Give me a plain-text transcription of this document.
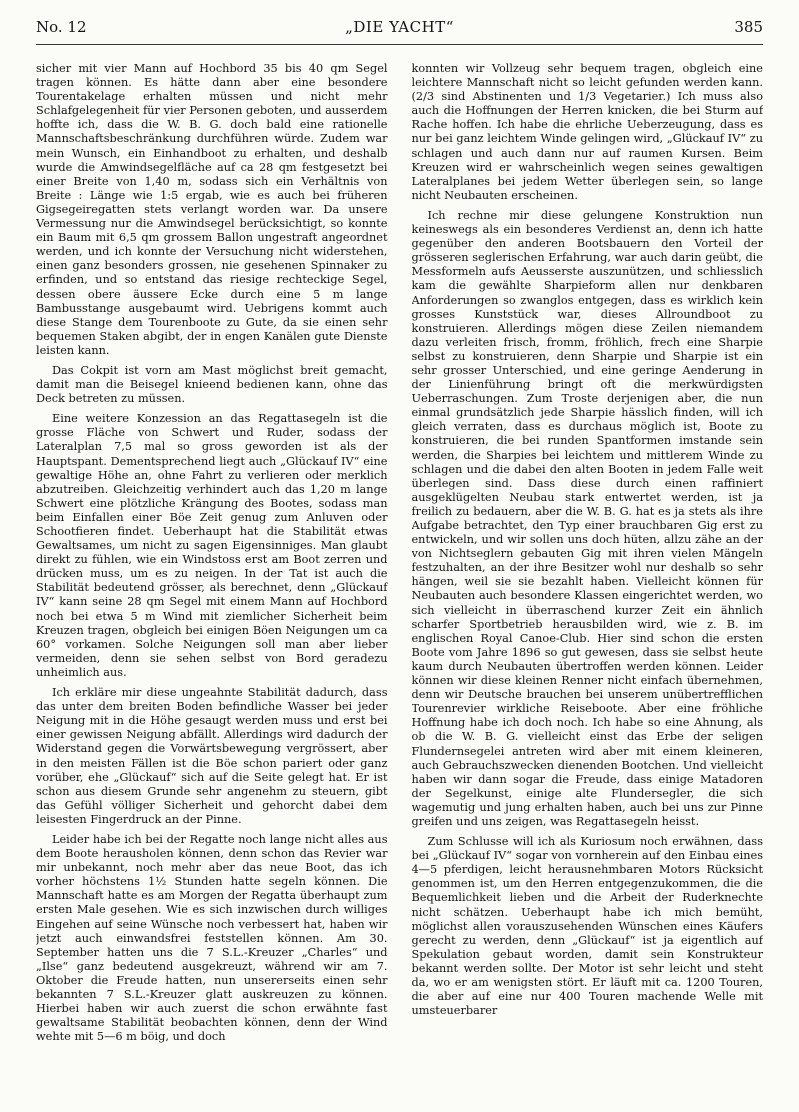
No. 12	„DIE YACHT“	385

sicher mit vier Mann auf Hochbord 35 bis 40 qm Segel tragen können. Es hätte dann aber eine besondere Tourentakelage erhalten müssen und nicht mehr Schlafgelegenheit für vier Personen geboten, und ausserdem hoffte ich, dass die W. B. G. doch bald eine rationelle Mannschaftsbeschränkung durchführen würde. Zudem war mein Wunsch, ein Einhandboot zu erhalten, und deshalb wurde die Amwindsegelfläche auf ca 28 qm festgesetzt bei einer Breite von 1,40 m, sodass sich ein Verhältnis von Breite : Länge wie 1:5 ergab, wie es auch bei früheren Gigsegeiregatten stets verlangt worden war. Da unsere Vermessung nur die Amwindsegel berücksichtigt, so konnte ein Baum mit 6,5 qm grossem Ballon ungestraft angeordnet werden, und ich konnte der Versuchung nicht widerstehen, einen ganz besonders grossen, nie gesehenen Spinnaker zu erfinden, und so entstand das riesige rechteckige Segel, dessen obere äussere Ecke durch eine 5 m lange Bambusstange ausgebaumt wird. Uebrigens kommt auch diese Stange dem Tourenboote zu Gute, da sie einen sehr bequemen Staken abgibt, der in engen Kanälen gute Dienste leisten kann.

Das Cokpit ist vorn am Mast möglichst breit gemacht, damit man die Beisegel knieend bedienen kann, ohne das Deck betreten zu müssen.

Eine weitere Konzession an das Regattasegeln ist die grosse Fläche von Schwert und Ruder, sodass der Lateralplan 7,5 mal so gross geworden ist als der Hauptspant. Dementsprechend liegt auch „Glückauf IV“ eine gewaltige Höhe an, ohne Fahrt zu verlieren oder merklich abzutreiben. Gleichzeitig verhindert auch das 1,20 m lange Schwert eine plötzliche Krängung des Bootes, sodass man beim Einfallen einer Böe Zeit genug zum Anluven oder Schootfieren findet. Ueberhaupt hat die Stabilität etwas Gewaltsames, um nicht zu sagen Eigensinniges. Man glaubt direkt zu fühlen, wie ein Windstoss erst am Boot zerren und drücken muss, um es zu neigen. In der Tat ist auch die Stabilität bedeutend grösser, als berechnet, denn „Glückauf IV“ kann seine 28 qm Segel mit einem Mann auf Hochbord noch bei etwa 5 m Wind mit ziemlicher Sicherheit beim Kreuzen tragen, obgleich bei einigen Böen Neigungen um ca 60° vorkamen. Solche Neigungen soll man aber lieber vermeiden, denn sie sehen selbst von Bord geradezu unheimlich aus.

Ich erkläre mir diese ungeahnte Stabilität dadurch, dass das unter dem breiten Boden befindliche Wasser bei jeder Neigung mit in die Höhe gesaugt werden muss und erst bei einer gewissen Neigung abfällt. Allerdings wird dadurch der Widerstand gegen die Vorwärtsbewegung vergrössert, aber in den meisten Fällen ist die Böe schon pariert oder ganz vorüber, ehe „Glückauf“ sich auf die Seite gelegt hat. Er ist schon aus diesem Grunde sehr angenehm zu steuern, gibt das Gefühl völliger Sicherheit und gehorcht dabei dem leisesten Fingerdruck an der Pinne.

Leider habe ich bei der Regatte noch lange nicht alles aus dem Boote herausholen können, denn schon das Revier war mir unbekannt, noch mehr aber das neue Boot, das ich vorher höchstens 1½ Stunden hatte segeln können. Die Mannschaft hatte es am Morgen der Regatta überhaupt zum ersten Male gesehen. Wie es sich inzwischen durch williges Eingehen auf seine Wünsche noch verbessert hat, haben wir jetzt auch einwandsfrei feststellen können. Am 30. September hatten uns die 7 S.L.-Kreuzer „Charles“ und „Ilse“ ganz bedeutend ausgekreuzt, während wir am 7. Oktober die Freude hatten, nun unsererseits einen sehr bekannten 7 S.L.-Kreuzer glatt auskreuzen zu können. Hierbei haben wir auch zuerst die schon erwähnte fast gewaltsame Stabilität beobachten können, denn der Wind wehte mit 5—6 m böig, und doch

konnten wir Vollzeug sehr bequem tragen, obgleich eine leichtere Mannschaft nicht so leicht gefunden werden kann. (2/3 sind Abstinenten und 1/3 Vegetarier.) Ich muss also auch die Hoffnungen der Herren knicken, die bei Sturm auf Rache hoffen. Ich habe die ehrliche Ueberzeugung, dass es nur bei ganz leichtem Winde gelingen wird, „Glückauf IV“ zu schlagen und auch dann nur auf raumen Kursen. Beim Kreuzen wird er wahrscheinlich wegen seines gewaltigen Lateralplanes bei jedem Wetter überlegen sein, so lange nicht Neubauten erscheinen.

Ich rechne mir diese gelungene Konstruktion nun keineswegs als ein besonderes Verdienst an, denn ich hatte gegenüber den anderen Bootsbauern den Vorteil der grösseren seglerischen Erfahrung, war auch darin geübt, die Messformeln aufs Aeusserste auszunützen, und schliesslich kam die gewählte Sharpieform allen nur denkbaren Anforderungen so zwanglos entgegen, dass es wirklich kein grosses Kunststück war, dieses Allroundboot zu konstruieren. Allerdings mögen diese Zeilen niemandem dazu verleiten frisch, fromm, fröhlich, frech eine Sharpie selbst zu konstruieren, denn Sharpie und Sharpie ist ein sehr grosser Unterschied, und eine geringe Aenderung in der Linienführung bringt oft die merkwürdigsten Ueberraschungen. Zum Troste derjenigen aber, die nun einmal grundsätzlich jede Sharpie hässlich finden, will ich gleich verraten, dass es durchaus möglich ist, Boote zu konstruieren, die bei runden Spantformen imstande sein werden, die Sharpies bei leichtem und mittlerem Winde zu schlagen und die dabei den alten Booten in jedem Falle weit überlegen sind. Dass diese durch einen raffiniert ausgeklügelten Neubau stark entwertet werden, ist ja freilich zu bedauern, aber die W. B. G. hat es ja stets als ihre Aufgabe betrachtet, den Typ einer brauchbaren Gig erst zu entwickeln, und wir sollen uns doch hüten, allzu zähe an der von Nichtseglern gebauten Gig mit ihren vielen Mängeln festzuhalten, an der ihre Besitzer wohl nur deshalb so sehr hängen, weil sie sie bezahlt haben. Vielleicht können für Neubauten auch besondere Klassen eingerichtet werden, wo sich vielleicht in überraschend kurzer Zeit ein ähnlich scharfer Sportbetrieb herausbilden wird, wie z. B. im englischen Royal Canoe-Club. Hier sind schon die ersten Boote vom Jahre 1896 so gut gewesen, dass sie selbst heute kaum durch Neubauten übertroffen werden können. Leider können wir diese kleinen Renner nicht einfach übernehmen, denn wir Deutsche brauchen bei unserem unübertrefflichen Tourenrevier wirkliche Reiseboote. Aber eine fröhliche Hoffnung habe ich doch noch. Ich habe so eine Ahnung, als ob die W. B. G. vielleicht einst das Erbe der seligen Flundernsegelei antreten wird aber mit einem kleineren, auch Gebrauchszwecken dienenden Bootchen. Und vielleicht haben wir dann sogar die Freude, dass einige Matadoren der Segelkunst, einige alte Flundersegler, die sich wagemutig und jung erhalten haben, auch bei uns zur Pinne greifen und uns zeigen, was Regattasegeln heisst.

Zum Schlusse will ich als Kuriosum noch erwähnen, dass bei „Glückauf IV“ sogar von vornherein auf den Einbau eines 4—5 pferdigen, leicht herausnehmbaren Motors Rücksicht genommen ist, um den Herren entgegenzukommen, die die Bequemlichkeit lieben und die Arbeit der Ruderknechte nicht schätzen. Ueberhaupt habe ich mich bemüht, möglichst allen vorauszusehenden Wünschen eines Käufers gerecht zu werden, denn „Glückauf“ ist ja eigentlich auf Spekulation gebaut worden, damit sein Konstrukteur bekannt werden sollte. Der Motor ist sehr leicht und steht da, wo er am wenigsten stört. Er läuft mit ca. 1200 Touren, die aber auf eine nur 400 Touren machende Welle mit umsteuerbarer
